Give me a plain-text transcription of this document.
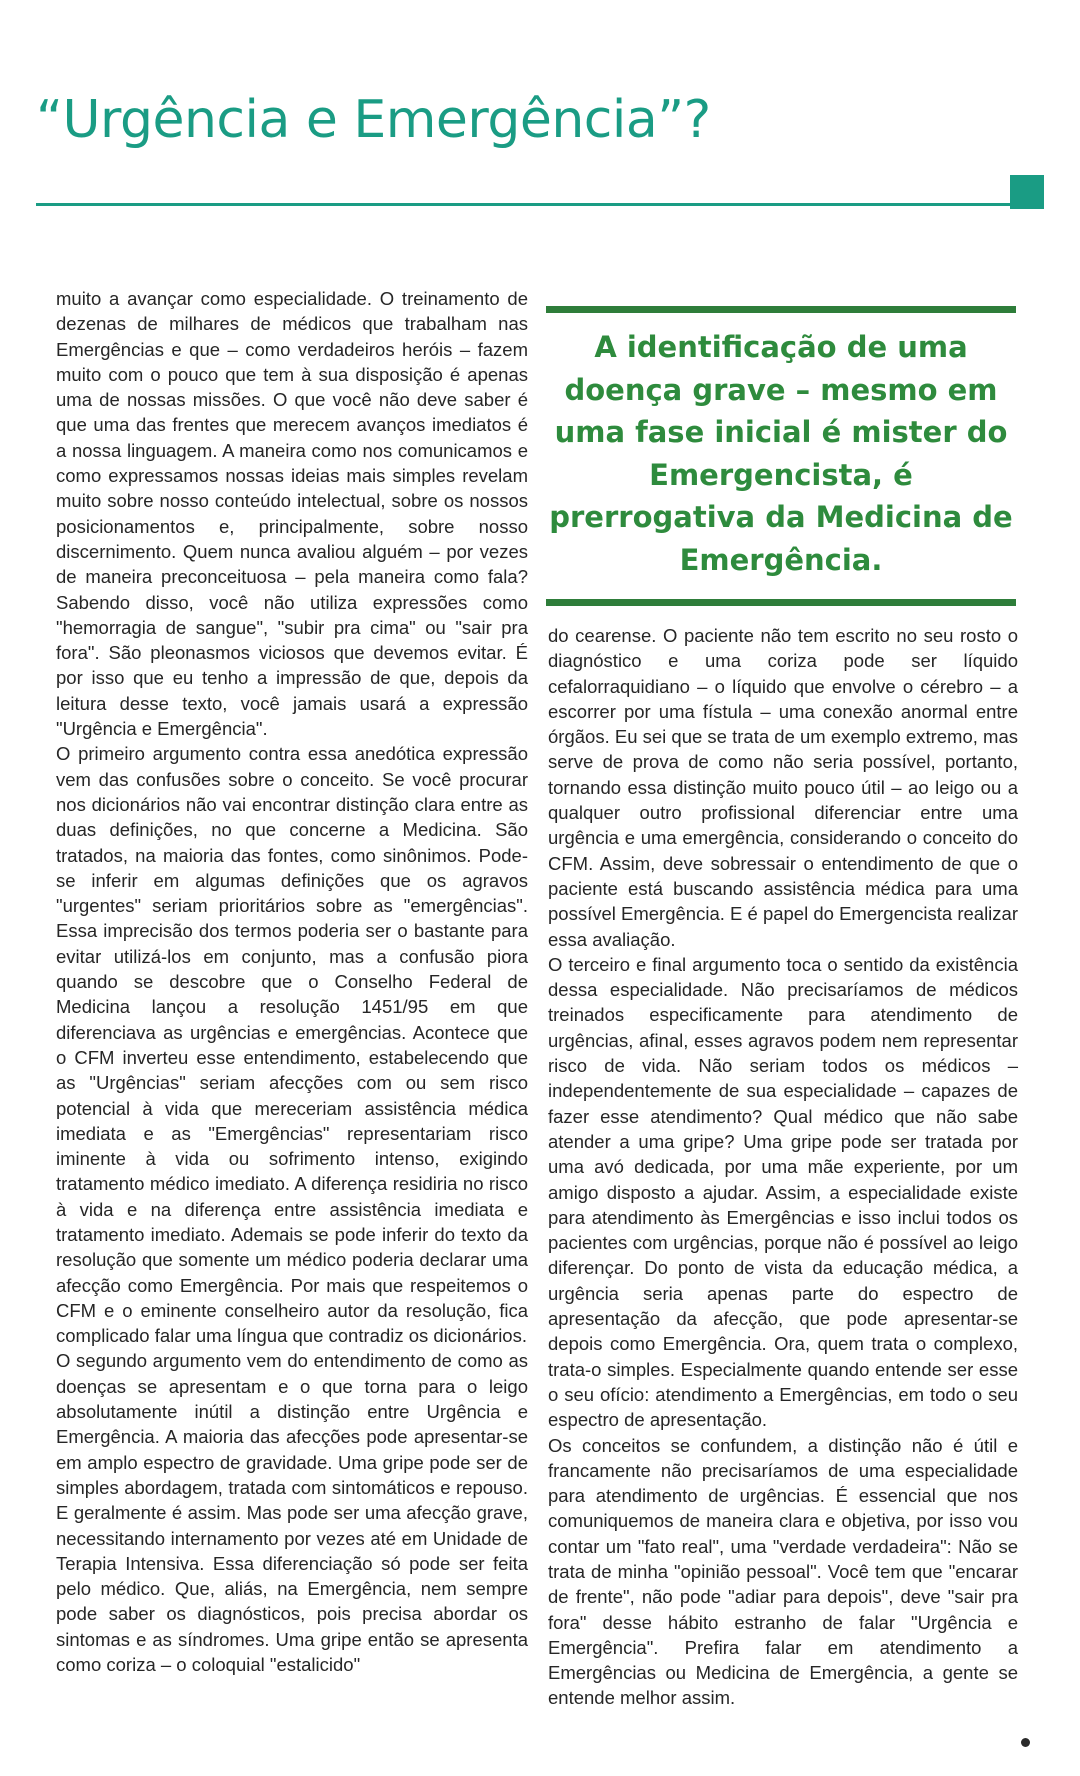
“Urgência e Emergência”?

muito a avançar como especialidade. O treinamento de dezenas de milhares de médicos que trabalham nas Emergências e que – como verdadeiros heróis – fazem muito com o pouco que tem à sua disposição é apenas uma de nossas missões. O que você não deve saber é que uma das frentes que merecem avanços imediatos é a nossa linguagem. A maneira como nos comunicamos e como expressamos nossas ideias mais simples revelam muito sobre nosso conteúdo intelectual, sobre os nossos posicionamentos e, principalmente, sobre nosso discernimento. Quem nunca avaliou alguém – por vezes de maneira preconceituosa – pela maneira como fala? Sabendo disso, você não utiliza expressões como "hemorragia de sangue", "subir pra cima" ou "sair pra fora". São pleonasmos viciosos que devemos evitar. É por isso que eu tenho a impressão de que, depois da leitura desse texto, você jamais usará a expressão "Urgência e Emergência".

O primeiro argumento contra essa anedótica expressão vem das confusões sobre o conceito. Se você procurar nos dicionários não vai encontrar distinção clara entre as duas definições, no que concerne a Medicina. São tratados, na maioria das fontes, como sinônimos. Pode-se inferir em algumas definições que os agravos "urgentes" seriam prioritários sobre as "emergências". Essa imprecisão dos termos poderia ser o bastante para evitar utilizá-los em conjunto, mas a confusão piora quando se descobre que o Conselho Federal de Medicina lançou a resolução 1451/95 em que diferenciava as urgências e emergências. Acontece que o CFM inverteu esse entendimento, estabelecendo que as "Urgências" seriam afecções com ou sem risco potencial à vida que mereceriam assistência médica imediata e as "Emergências" representariam risco iminente à vida ou sofrimento intenso, exigindo tratamento médico imediato. A diferença residiria no risco à vida e na diferença entre assistência imediata e tratamento imediato. Ademais se pode inferir do texto da resolução que somente um médico poderia declarar uma afecção como Emergência. Por mais que respeitemos o CFM e o eminente conselheiro autor da resolução, fica complicado falar uma língua que contradiz os dicionários.

O segundo argumento vem do entendimento de como as doenças se apresentam e o que torna para o leigo absolutamente inútil a distinção entre Urgência e Emergência. A maioria das afecções pode apresentar-se em amplo espectro de gravidade. Uma gripe pode ser de simples abordagem, tratada com sintomáticos e repouso. E geralmente é assim. Mas pode ser uma afecção grave, necessitando internamento por vezes até em Unidade de Terapia Intensiva. Essa diferenciação só pode ser feita pelo médico. Que, aliás, na Emergência, nem sempre pode saber os diagnósticos, pois precisa abordar os sintomas e as síndromes. Uma gripe então se apresenta como coriza – o coloquial "estalicido"

A identificação de uma doença grave – mesmo em uma fase inicial é mister do Emergencista, é prerrogativa da Medicina de Emergência.

do cearense. O paciente não tem escrito no seu rosto o diagnóstico e uma coriza pode ser líquido cefalorraquidiano – o líquido que envolve o cérebro – a escorrer por uma fístula – uma conexão anormal entre órgãos. Eu sei que se trata de um exemplo extremo, mas serve de prova de como não seria possível, portanto, tornando essa distinção muito pouco útil – ao leigo ou a qualquer outro profissional diferenciar entre uma urgência e uma emergência, considerando o conceito do CFM. Assim, deve sobressair o entendimento de que o paciente está buscando assistência médica para uma possível Emergência. E é papel do Emergencista realizar essa avaliação.

O terceiro e final argumento toca o sentido da existência dessa especialidade. Não precisaríamos de médicos treinados especificamente para atendimento de urgências, afinal, esses agravos podem nem representar risco de vida. Não seriam todos os médicos – independentemente de sua especialidade – capazes de fazer esse atendimento? Qual médico que não sabe atender a uma gripe? Uma gripe pode ser tratada por uma avó dedicada, por uma mãe experiente, por um amigo disposto a ajudar. Assim, a especialidade existe para atendimento às Emergências e isso inclui todos os pacientes com urgências, porque não é possível ao leigo diferençar. Do ponto de vista da educação médica, a urgência seria apenas parte do espectro de apresentação da afecção, que pode apresentar-se depois como Emergência. Ora, quem trata o complexo, trata-o simples. Especialmente quando entende ser esse o seu ofício: atendimento a Emergências, em todo o seu espectro de apresentação.

Os conceitos se confundem, a distinção não é útil e francamente não precisaríamos de uma especialidade para atendimento de urgências. É essencial que nos comuniquemos de maneira clara e objetiva, por isso vou contar um "fato real", uma "verdade verdadeira": Não se trata de minha "opinião pessoal". Você tem que "encarar de frente", não pode "adiar para depois", deve "sair pra fora" desse hábito estranho de falar "Urgência e Emergência". Prefira falar em atendimento a Emergências ou Medicina de Emergência, a gente se entende melhor assim.
